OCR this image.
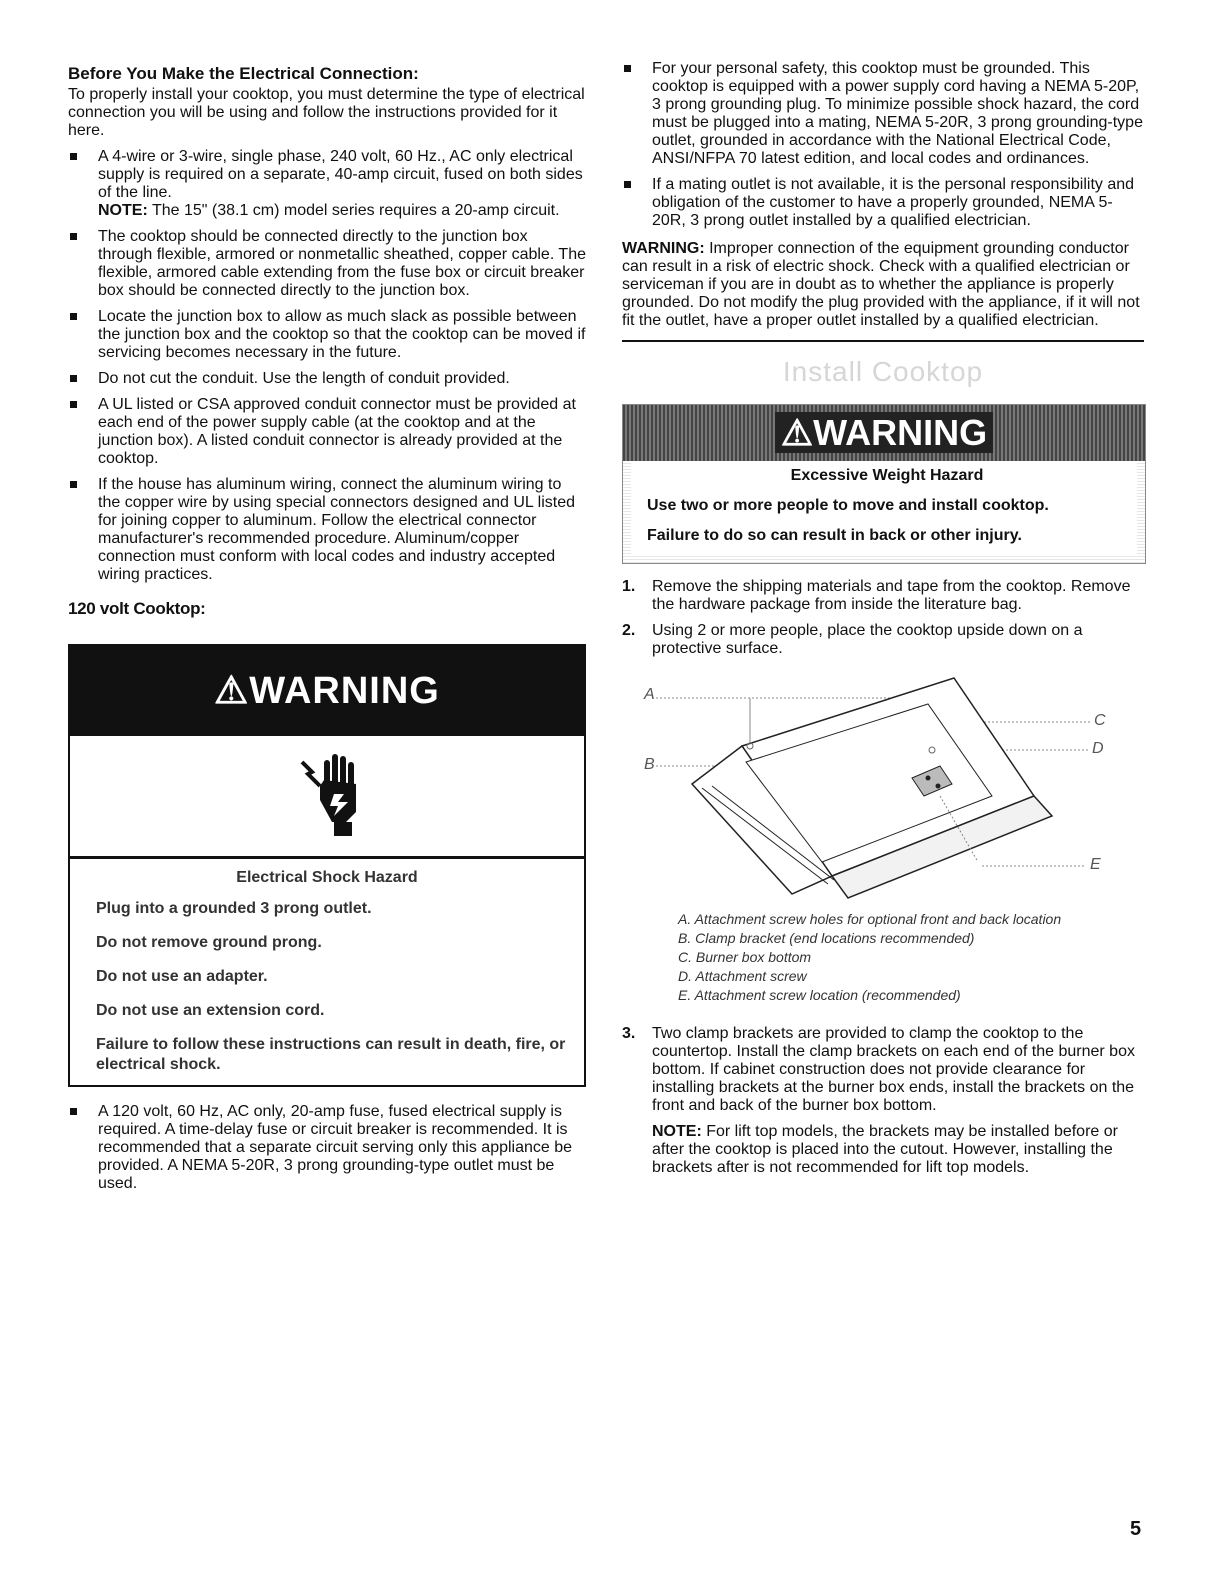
Before You Make the Electrical Connection:

To properly install your cooktop, you must determine the type of electrical connection you will be using and follow the instructions provided for it here.

A 4-wire or 3-wire, single phase, 240 volt, 60 Hz., AC only electrical supply is required on a separate, 40-amp circuit, fused on both sides of the line.
NOTE: The 15" (38.1 cm) model series requires a 20-amp circuit.
The cooktop should be connected directly to the junction box through flexible, armored or nonmetallic sheathed, copper cable. The flexible, armored cable extending from the fuse box or circuit breaker box should be connected directly to the junction box.
Locate the junction box to allow as much slack as possible between the junction box and the cooktop so that the cooktop can be moved if servicing becomes necessary in the future.
Do not cut the conduit. Use the length of conduit provided.
A UL listed or CSA approved conduit connector must be provided at each end of the power supply cable (at the cooktop and at the junction box). A listed conduit connector is already provided at the cooktop.
If the house has aluminum wiring, connect the aluminum wiring to the copper wire by using special connectors designed and UL listed for joining copper to aluminum. Follow the electrical connector manufacturer's recommended procedure. Aluminum/copper connection must conform with local codes and industry accepted wiring practices.

120 volt Cooktop:

⚠WARNING

Electrical Shock Hazard

Plug into a grounded 3 prong outlet.

Do not remove ground prong.

Do not use an adapter.

Do not use an extension cord.

Failure to follow these instructions can result in death, fire, or electrical shock.

A 120 volt, 60 Hz, AC only, 20-amp fuse, fused electrical supply is required. A time-delay fuse or circuit breaker is recommended. It is recommended that a separate circuit serving only this appliance be provided. A NEMA 5-20R, 3 prong grounding-type outlet must be used.
For your personal safety, this cooktop must be grounded. This cooktop is equipped with a power supply cord having a NEMA 5-20P, 3 prong grounding plug. To minimize possible shock hazard, the cord must be plugged into a mating, NEMA 5-20R, 3 prong grounding-type outlet, grounded in accordance with the National Electrical Code, ANSI/NFPA 70 latest edition, and local codes and ordinances.
If a mating outlet is not available, it is the personal responsibility and obligation of the customer to have a properly grounded, NEMA 5-20R, 3 prong outlet installed by a qualified electrician.

WARNING: Improper connection of the equipment grounding conductor can result in a risk of electric shock. Check with a qualified electrician or serviceman if you are in doubt as to whether the appliance is properly grounded. Do not modify the plug provided with the appliance, if it will not fit the outlet, have a proper outlet installed by a qualified electrician.

Install Cooktop
⚠WARNING

Excessive Weight Hazard

Use two or more people to move and install cooktop.

Failure to do so can result in back or other injury.

1. Remove the shipping materials and tape from the cooktop. Remove the hardware package from inside the literature bag.
2. Using 2 or more people, place the cooktop upside down on a protective surface.
A
B
C
D
E

A. Attachment screw holes for optional front and back location

B. Clamp bracket (end locations recommended)

C. Burner box bottom

D. Attachment screw

E. Attachment screw location (recommended)

3. Two clamp brackets are provided to clamp the cooktop to the countertop. Install the clamp brackets on each end of the burner box bottom. If cabinet construction does not provide clearance for installing brackets at the burner box ends, install the brackets on the front and back of the burner box bottom.
NOTE: For lift top models, the brackets may be installed before or after the cooktop is placed into the cutout. However, installing the brackets after is not recommended for lift top models.
5
